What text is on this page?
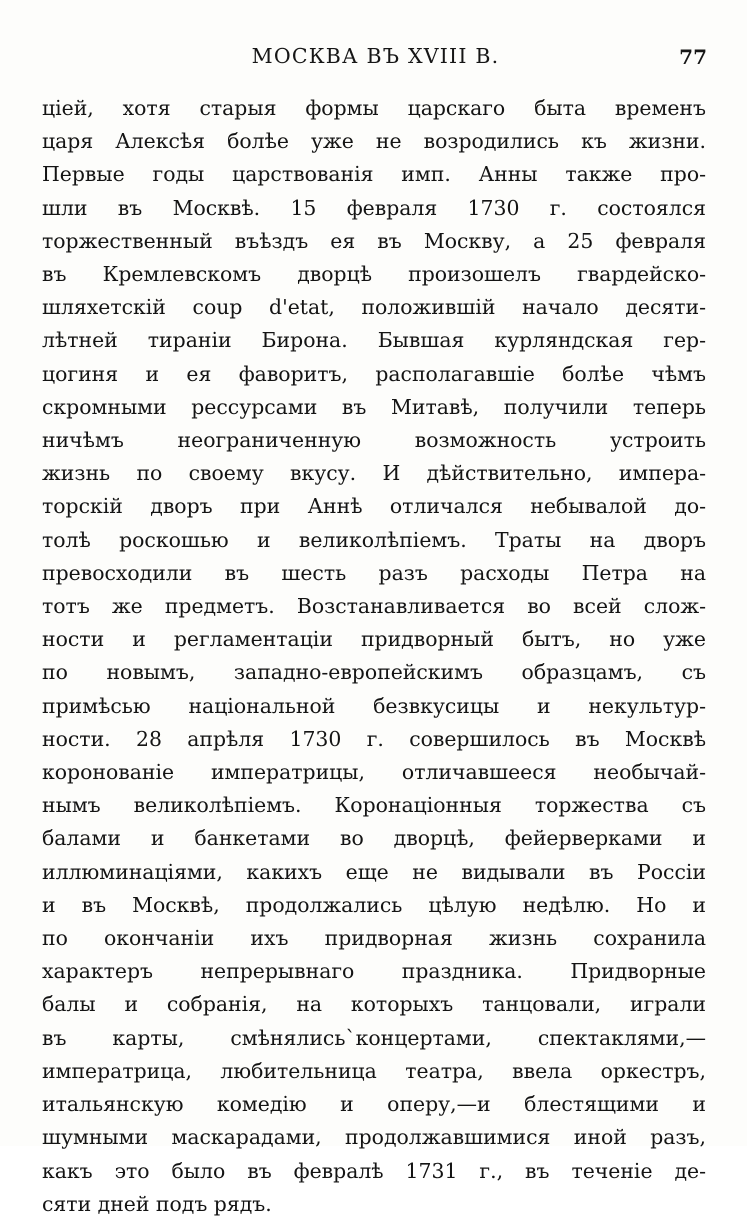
МОСКВА ВЪ XVIII В.	77
цiей, хотя старыя формы царскаго быта временъ
царя Алексѣя болѣе уже не возродились къ жизни.
Первые годы царствованiя имп. Анны также про-
шли въ Москвѣ. 15 февраля 1730 г. состоялся
торжественный въѣздъ ея въ Москву, а 25 февраля
въ Кремлевскомъ дворцѣ произошелъ гвардейско-
шляхетскiй coup d'etat, положившiй начало десяти-
лѣтней тиранiи Бирона. Бывшая курляндская гер-
цогиня и ея фаворитъ, располагавшiе болѣе чѣмъ
скромными рессурсами въ Митавѣ, получили теперь
ничѣмъ неограниченную возможность устроить
жизнь по своему вкусу. И дѣйствительно, импера-
торскiй дворъ при Аннѣ отличался небывалой до-
толѣ роскошью и великолѣпiемъ. Траты на дворъ
превосходили въ шесть разъ расходы Петра на
тотъ же предметъ. Возстанавливается во всей слож-
ности и регламентацiи придворный бытъ, но уже
по новымъ, западно-европейскимъ образцамъ, съ
примѣсью нацiональной безвкусицы и некультур-
ности. 28 апрѣля 1730 г. совершилось въ Москвѣ
коронованiе императрицы, отличавшееся необычай-
нымъ великолѣпiемъ. Коронацiонныя торжества съ
балами и банкетами во дворцѣ, фейерверками и
иллюминацiями, какихъ еще не видывали въ Россiи
и въ Москвѣ, продолжались цѣлую недѣлю. Но и
по окончанiи ихъ придворная жизнь сохранила
характеръ непрерывнаго праздника. Придворные
балы и собранiя, на которыхъ танцовали, играли
въ карты, смѣнялись`концертами, спектаклями,—
императрица, любительница театра, ввела оркестръ,
итальянскую комедiю и оперу,—и блестящими и
шумными маскарадами, продолжавшимися иной разъ,
какъ это было въ февралѣ 1731 г., въ теченiе де-
сяти дней подъ рядъ.
